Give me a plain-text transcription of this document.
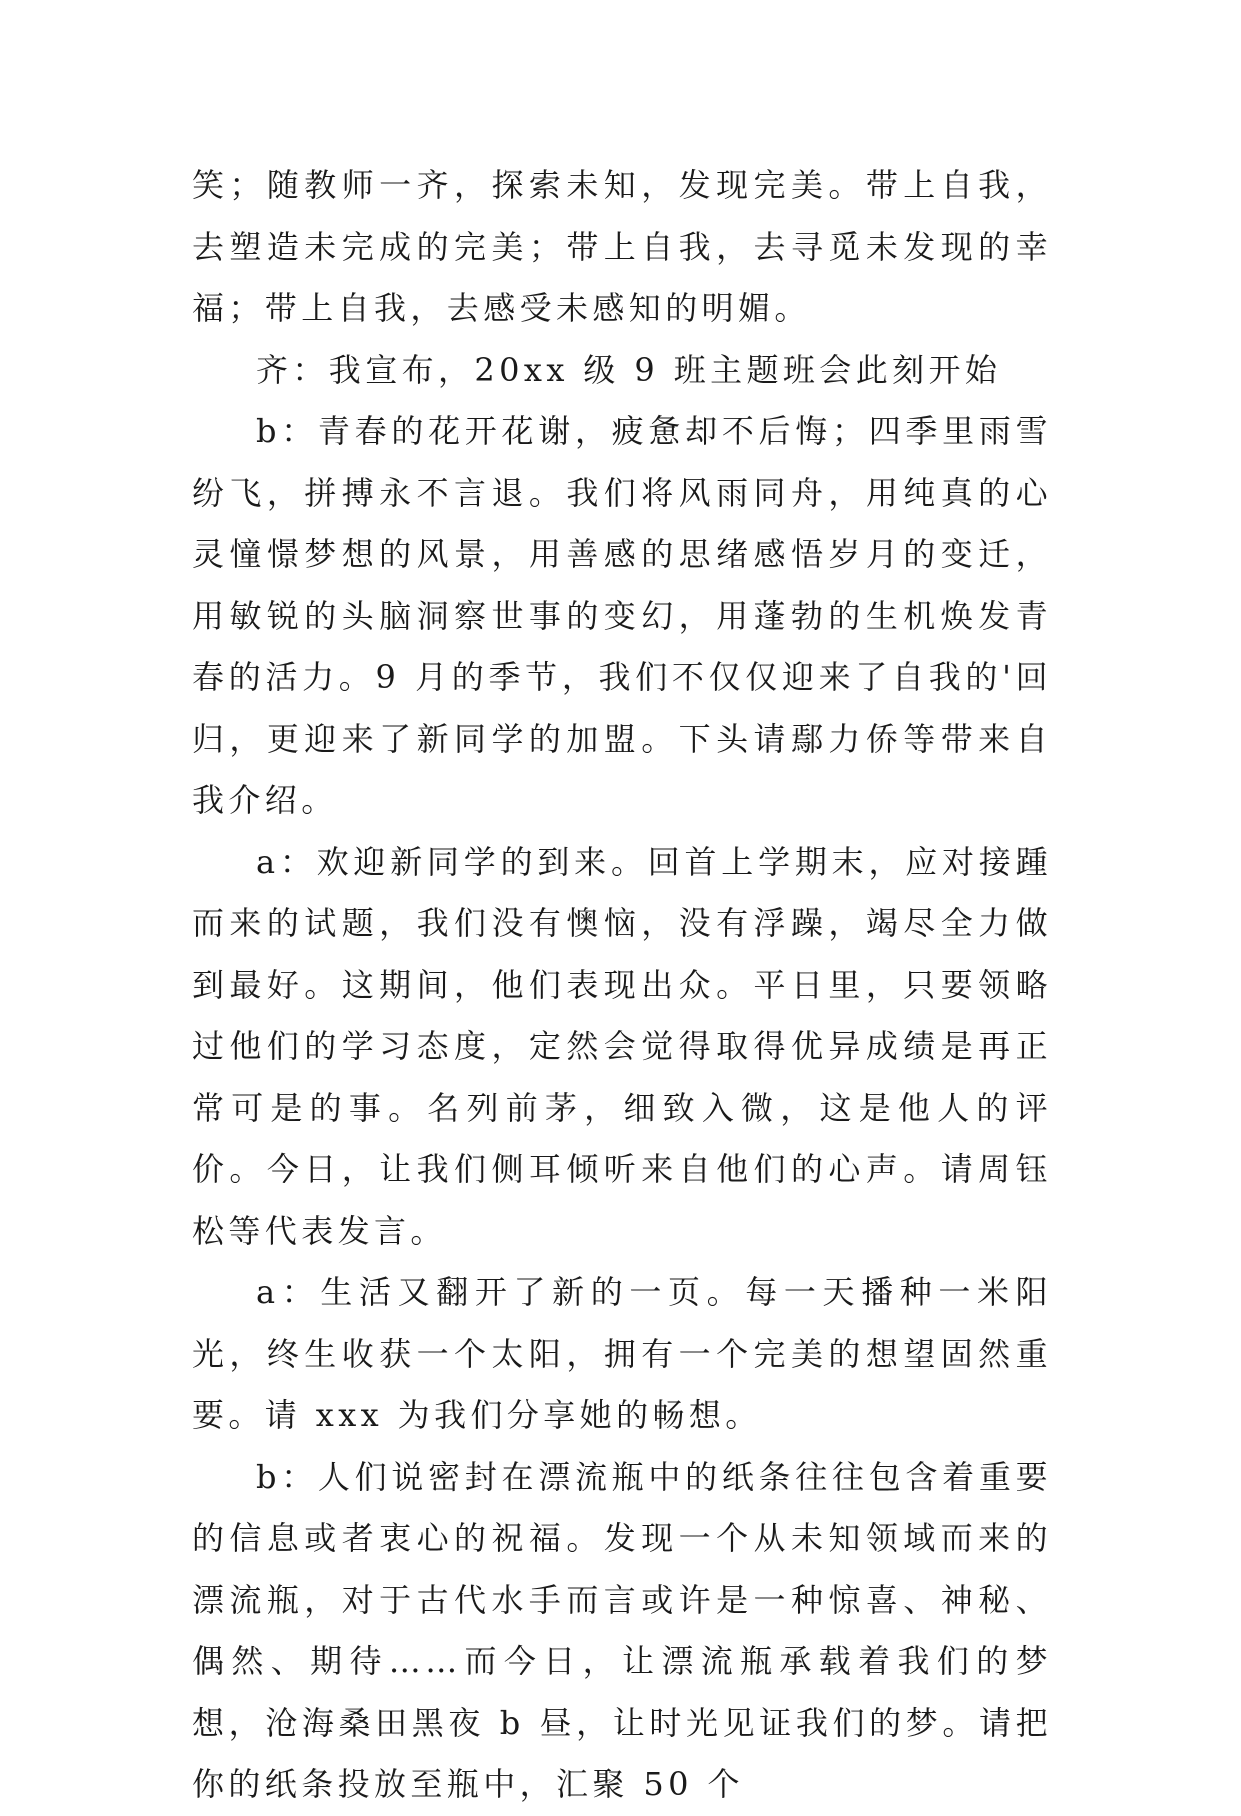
笑；随教师一齐，探索未知，发现完美。带上自我，去塑造未完成的完美；带上自我，去寻觅未发现的幸福；带上自我，去感受未感知的明媚。

齐：我宣布，20xx 级 9 班主题班会此刻开始

b：青春的花开花谢，疲惫却不后悔；四季里雨雪纷飞，拼搏永不言退。我们将风雨同舟，用纯真的心灵憧憬梦想的风景，用善感的思绪感悟岁月的变迁，用敏锐的头脑洞察世事的变幻，用蓬勃的生机焕发青春的活力。9 月的季节，我们不仅仅迎来了自我的'回归，更迎来了新同学的加盟。下头请鄢力侨等带来自我介绍。

a：欢迎新同学的到来。回首上学期末，应对接踵而来的试题，我们没有懊恼，没有浮躁，竭尽全力做到最好。这期间，他们表现出众。平日里，只要领略过他们的学习态度，定然会觉得取得优异成绩是再正常可是的事。名列前茅，细致入微，这是他人的评价。今日，让我们侧耳倾听来自他们的心声。请周钰松等代表发言。

a：生活又翻开了新的一页。每一天播种一米阳光，终生收获一个太阳，拥有一个完美的想望固然重要。请 xxx 为我们分享她的畅想。

b：人们说密封在漂流瓶中的纸条往往包含着重要的信息或者衷心的祝福。发现一个从未知领域而来的漂流瓶，对于古代水手而言或许是一种惊喜、神秘、偶然、期待……而今日，让漂流瓶承载着我们的梦想，沧海桑田黑夜 b 昼，让时光见证我们的梦。请把你的纸条投放至瓶中，汇聚 50 个
